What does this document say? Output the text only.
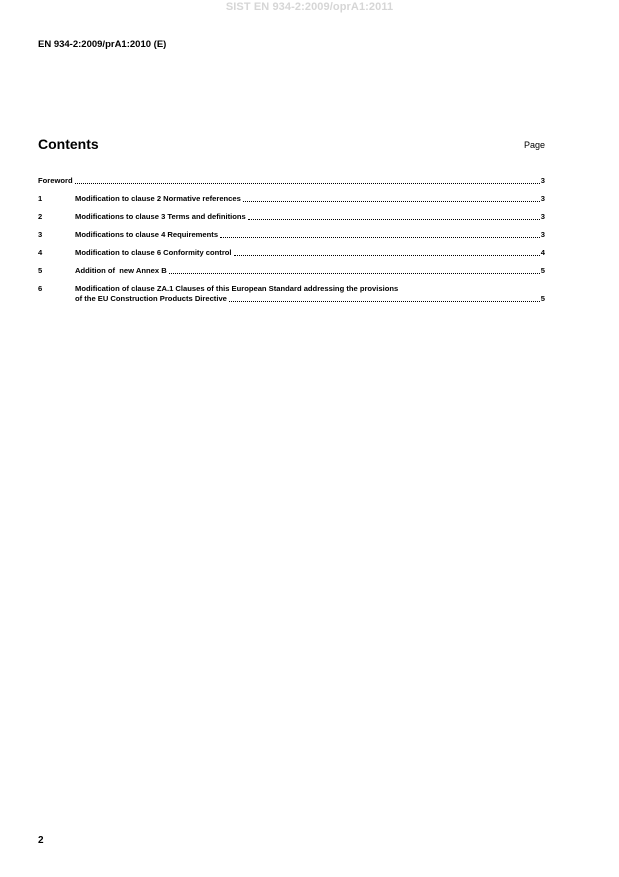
SIST EN 934-2:2009/oprA1:2011
EN 934-2:2009/prA1:2010 (E)
Contents	Page
Foreword	3
1	Modification to clause 2 Normative references	3
2	Modifications to clause 3 Terms and definitions	3
3	Modifications to clause 4 Requirements	3
4	Modification to clause 6 Conformity control	4
5	Addition of  new Annex B	5
6	Modification of clause ZA.1 Clauses of this European Standard addressing the provisions
of the EU Construction Products Directive	5
2
